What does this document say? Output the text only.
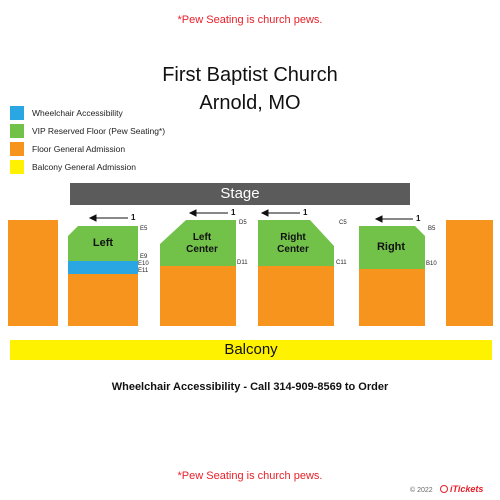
*Pew Seating is church pews.
First Baptist Church
Arnold, MO
Wheelchair Accessibility
VIP Reserved Floor (Pew Seating*)
Floor General Admission
Balcony General Admission
Stage
1
1	1
1
Left	Left
Center
Right
Center	Right
E5
E9
E10
E11
D5
D11
C5
C11
B5
B10
Balcony
Wheelchair Accessibility - Call 314-909-8569 to Order
*Pew Seating is church pews.
© 2022 iTickets
